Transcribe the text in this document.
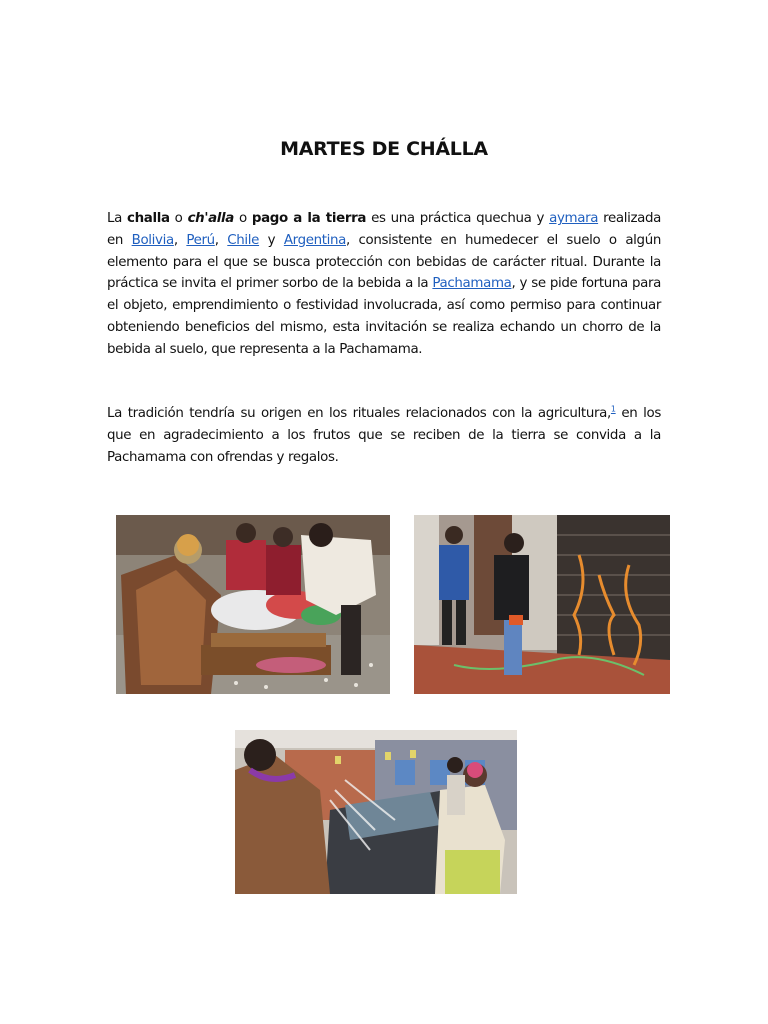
MARTES DE CHÁLLA
La challa o ch'alla o pago a la tierra es una práctica quechua y aymara realizada en Bolivia, Perú, Chile y Argentina, consistente en humedecer el suelo o algún elemento para el que se busca protección con bebidas de carácter ritual. Durante la práctica se invita el primer sorbo de la bebida a la Pachamama, y se pide fortuna para el objeto, emprendimiento o festividad involucrada, así como permiso para continuar obteniendo beneficios del mismo, esta invitación se realiza echando un chorro de la bebida al suelo, que representa a la Pachamama.
La tradición tendría su origen en los rituales relacionados con la agricultura,$^1$ en los que en agradecimiento a los frutos que se reciben de la tierra se convida a la Pachamama con ofrendas y regalos.
